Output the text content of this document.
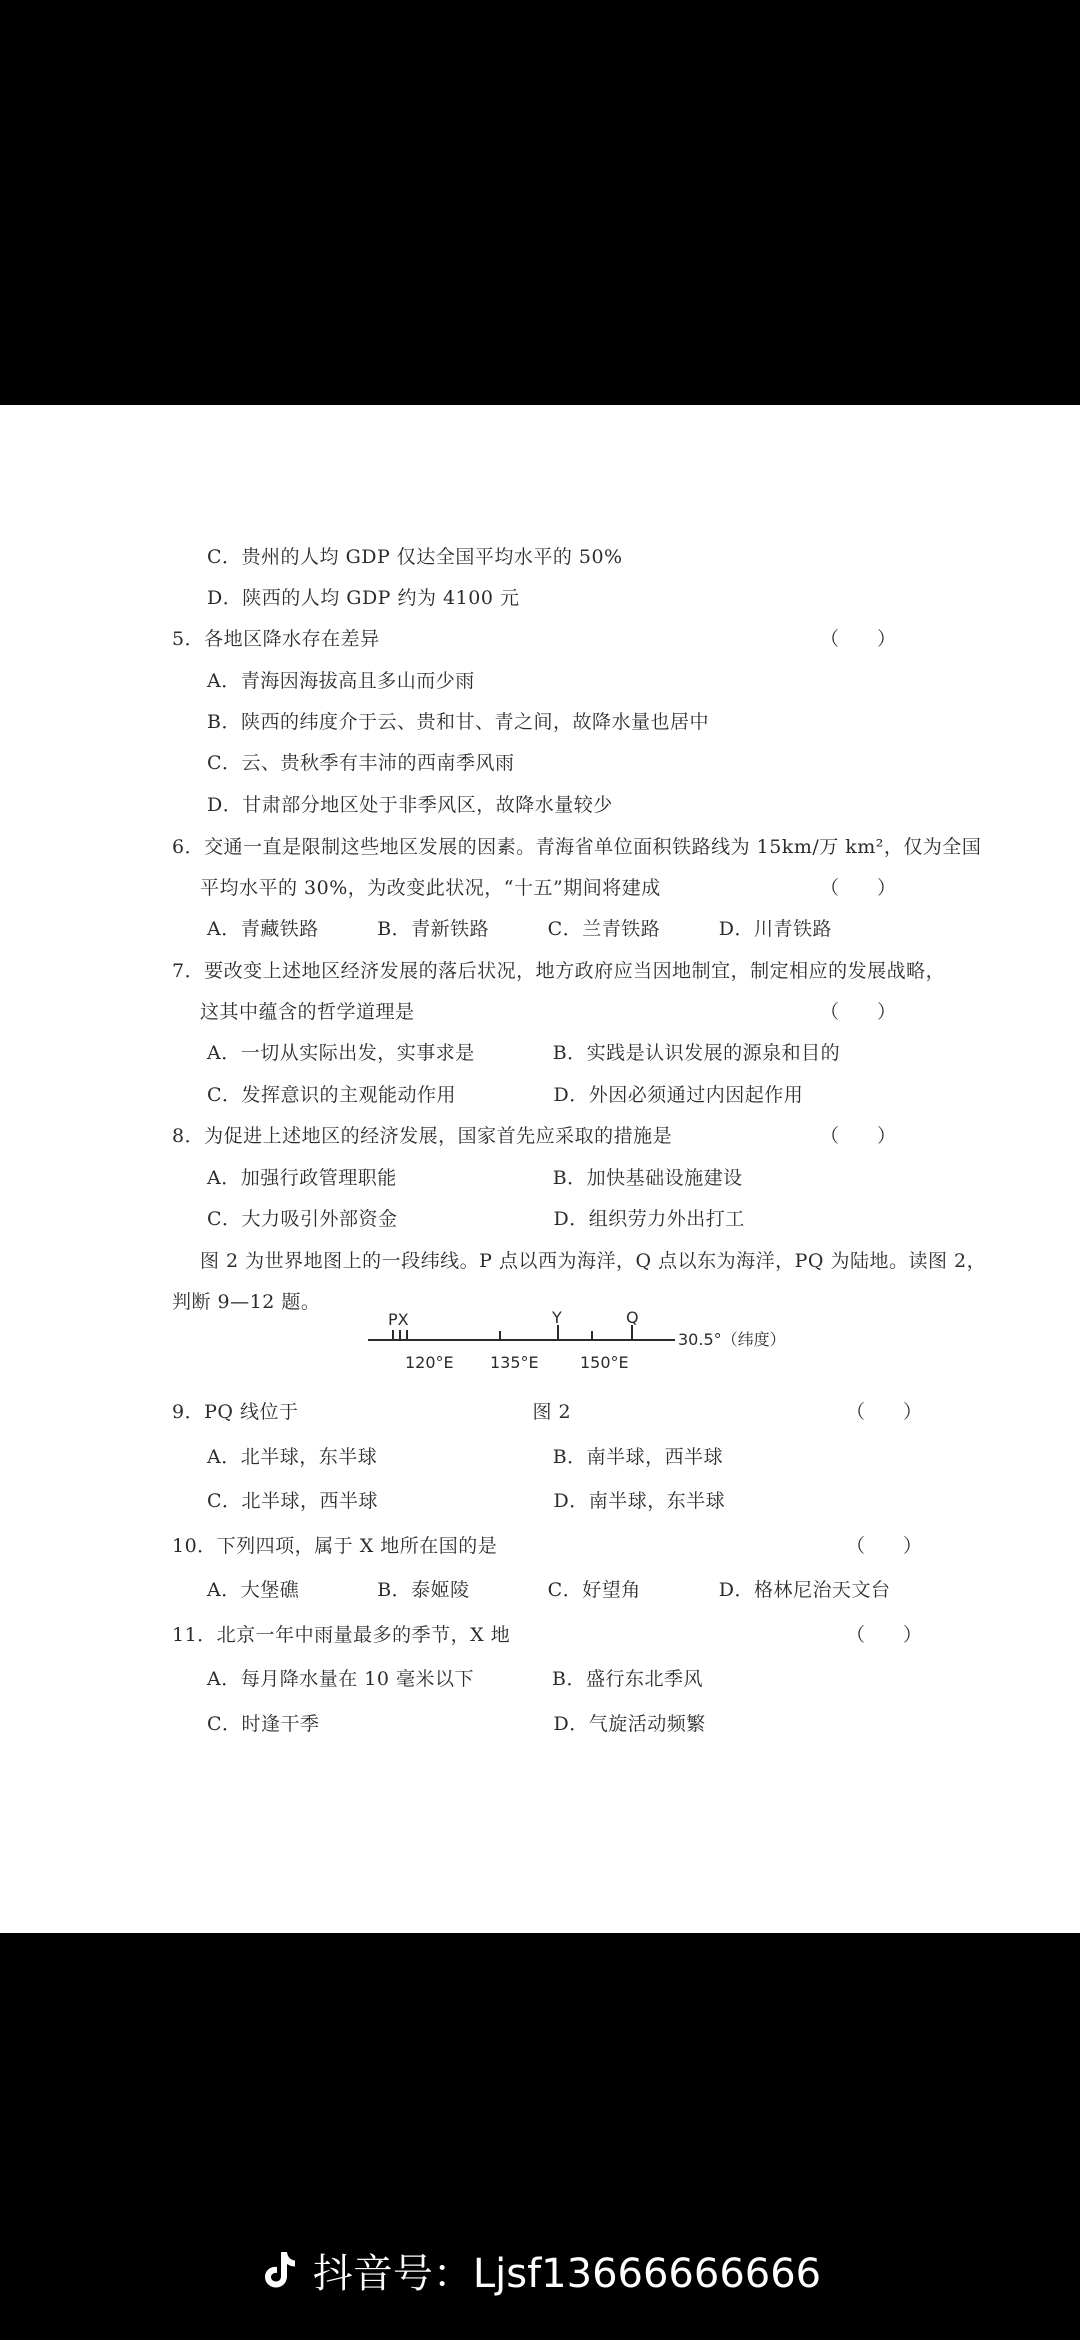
C．贵州的人均 GDP 仅达全国平均水平的 50%
D．陕西的人均 GDP 约为 4100 元
5．各地区降水存在差异	（　　）
A．青海因海拔高且多山而少雨
B．陕西的纬度介于云、贵和甘、青之间，故降水量也居中
C．云、贵秋季有丰沛的西南季风雨
D．甘肃部分地区处于非季风区，故降水量较少
6．交通一直是限制这些地区发展的因素。青海省单位面积铁路线为 15km/万 km²，仅为全国
平均水平的 30%，为改变此状况，“十五”期间将建成	（　　）
A．青藏铁路　　　B．青新铁路　　　C．兰青铁路　　　D．川青铁路
7．要改变上述地区经济发展的落后状况，地方政府应当因地制宜，制定相应的发展战略，
这其中蕴含的哲学道理是	（　　）
A．一切从实际出发，实事求是　　　　B．实践是认识发展的源泉和目的
C．发挥意识的主观能动作用　　　　　D．外因必须通过内因起作用
8．为促进上述地区的经济发展，国家首先应采取的措施是	（　　）
A．加强行政管理职能　　　　　　　　B．加快基础设施建设
C．大力吸引外部资金　　　　　　　　D．组织劳力外出打工
图 2 为世界地图上的一段纬线。P 点以西为海洋，Q 点以东为海洋，PQ 为陆地。读图 2，
判断 9—12 题。
9．PQ 线位于　　　　　　　　　　　　图 2	（　　）
A．北半球，东半球　　　　　　　　　B．南半球，西半球
C．北半球，西半球　　　　　　　　　D．南半球，东半球
10．下列四项，属于 X 地所在国的是	（　　）
A．大堡礁　　　　B．泰姬陵　　　　C．好望角　　　　D．格林尼治天文台
11．北京一年中雨量最多的季节，X 地	（　　）
A．每月降水量在 10 毫米以下　　　　B．盛行东北季风
C．时逢干季　　　　　　　　　　　　D．气旋活动频繁
PX	Y	Q
30.5°（纬度）
120°E 135°E	150°E
抖音号：Ljsf13666666666
